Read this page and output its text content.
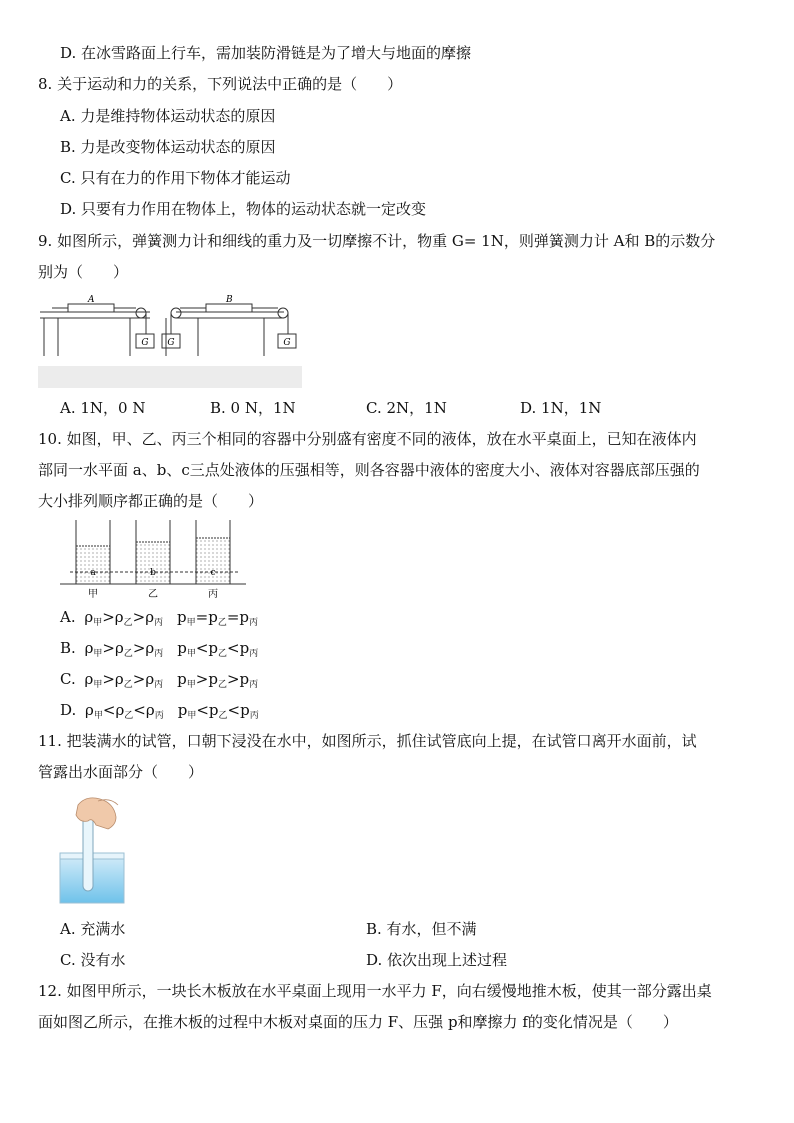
D. 在冰雪路面上行车，需加装防滑链是为了增大与地面的摩擦
8. 关于运动和力的关系，下列说法中正确的是（　　）
A. 力是维持物体运动状态的原因
B. 力是改变物体运动状态的原因
C. 只有在力的作用下物体才能运动
D. 只要有力作用在物体上，物体的运动状态就一定改变
9. 如图所示，弹簧测力计和细线的重力及一切摩擦不计，物重 G= 1N，则弹簧测力计 A和 B的示数分
别为（　　）
G
A
G	G
B
A. 1N，0 N	B. 0 N，1N	C. 2N，1N	D. 1N，1N
10. 如图，甲、乙、丙三个相同的容器中分别盛有密度不同的液体，放在水平桌面上，已知在液体内
部同一水平面 a、b、c三点处液体的压强相等，则各容器中液体的密度大小、液体对容器底部压强的
大小排列顺序都正确的是（　　）
a	b	c
甲	乙	丙
A. $\rho_甲>\rho_乙>\rho_丙$ $p_甲=p_乙=p_丙$
B. $\rho_甲>\rho_乙>\rho_丙$ $p_甲<p_乙<p_丙$
C. $\rho_甲>\rho_乙>\rho_丙$ $p_甲>p_乙>p_丙$
D. $\rho_甲<\rho_乙<\rho_丙$ $p_甲<p_乙<p_丙$
11. 把装满水的试管，口朝下浸没在水中，如图所示，抓住试管底向上提，在试管口离开水面前，试
管露出水面部分（　　）
A. 充满水	B. 有水，但不满
C. 没有水	D. 依次出现上述过程
12. 如图甲所示，一块长木板放在水平桌面上现用一水平力 F，向右缓慢地推木板，使其一部分露出桌
面如图乙所示，在推木板的过程中木板对桌面的压力 F、压强 p和摩擦力 f的变化情况是（　　）
